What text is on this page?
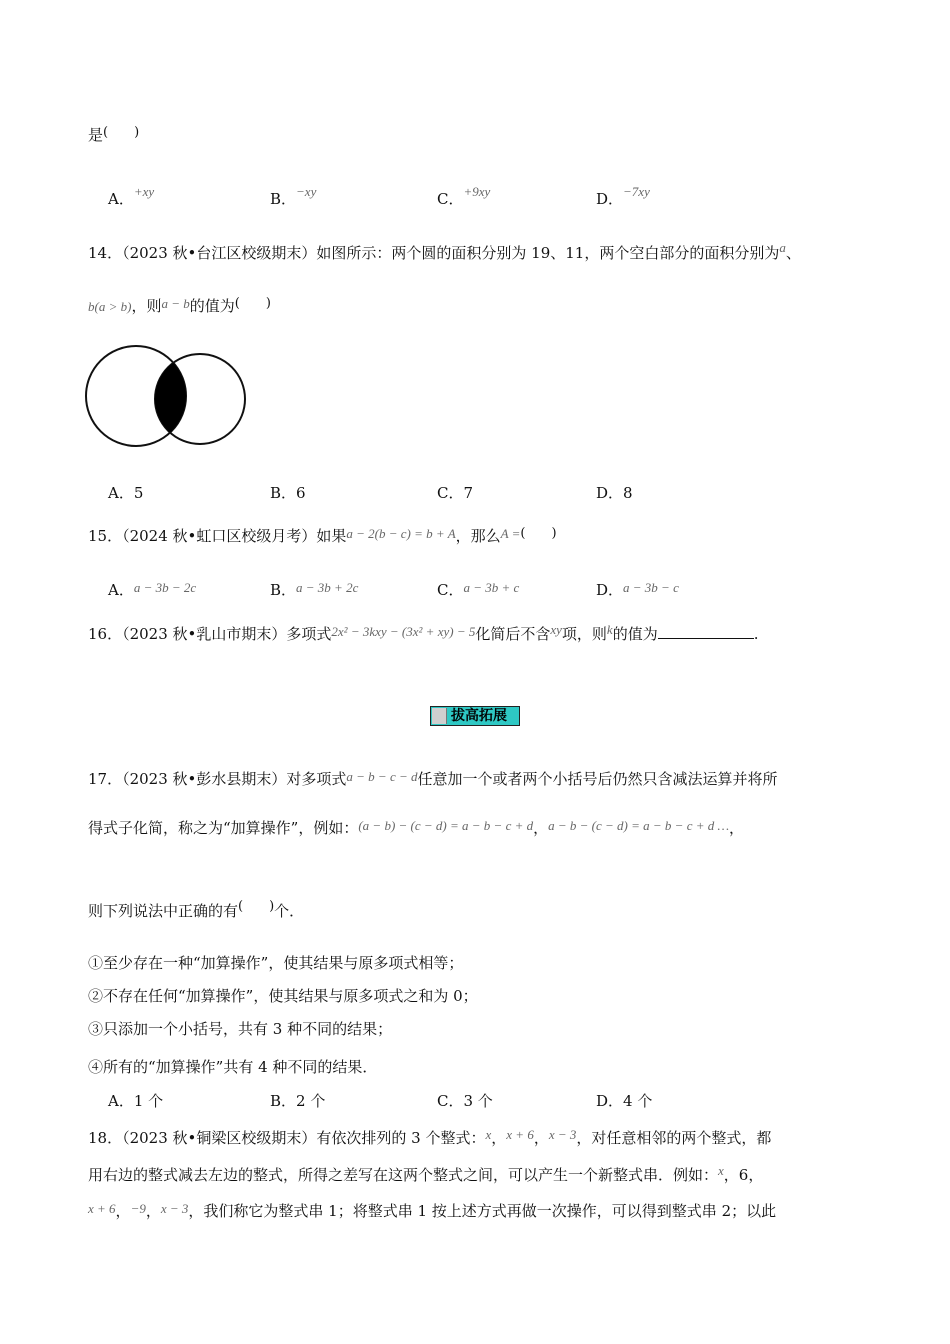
是(　　)
A．+xy	B．−xy	C．+9xy	D．−7xy
14．（2023 秋•台江区校级期末）如图所示：两个圆的面积分别为 19、11，两个空白部分的面积分别为a、
b(a > b)，则a − b的值为(　　)
A．5	B．6	C．7	D．8
15．（2024 秋•虹口区校级月考）如果a − 2(b − c) = b + A，那么A =(　　)
A．a − 3b − 2c	B．a − 3b + 2c	C．a − 3b + c	D．a − 3b − c
16．（2023 秋•乳山市期末）多项式2x² − 3kxy − (3x² + xy) − 5化简后不含xy项，则k的值为	.
拔高拓展
17．（2023 秋•彭水县期末）对多项式a − b − c − d任意加一个或者两个小括号后仍然只含减法运算并将所
得式子化简，称之为“加算操作”，例如：(a − b) − (c − d) = a − b − c + d，a − b − (c − d) = a − b − c + d …，
则下列说法中正确的有(　　)个．
①至少存在一种“加算操作”，使其结果与原多项式相等；
②不存在任何“加算操作”，使其结果与原多项式之和为 0；
③只添加一个小括号，共有 3 种不同的结果；
④所有的“加算操作”共有 4 种不同的结果．
A．1 个	B．2 个	C．3 个	D．4 个
18．（2023 秋•铜梁区校级期末）有依次排列的 3 个整式：x，x + 6，x − 3，对任意相邻的两个整式，都
用右边的整式减去左边的整式，所得之差写在这两个整式之间，可以产生一个新整式串．例如：x，6，
x + 6，−9，x − 3，我们称它为整式串 1；将整式串 1 按上述方式再做一次操作，可以得到整式串 2；以此
